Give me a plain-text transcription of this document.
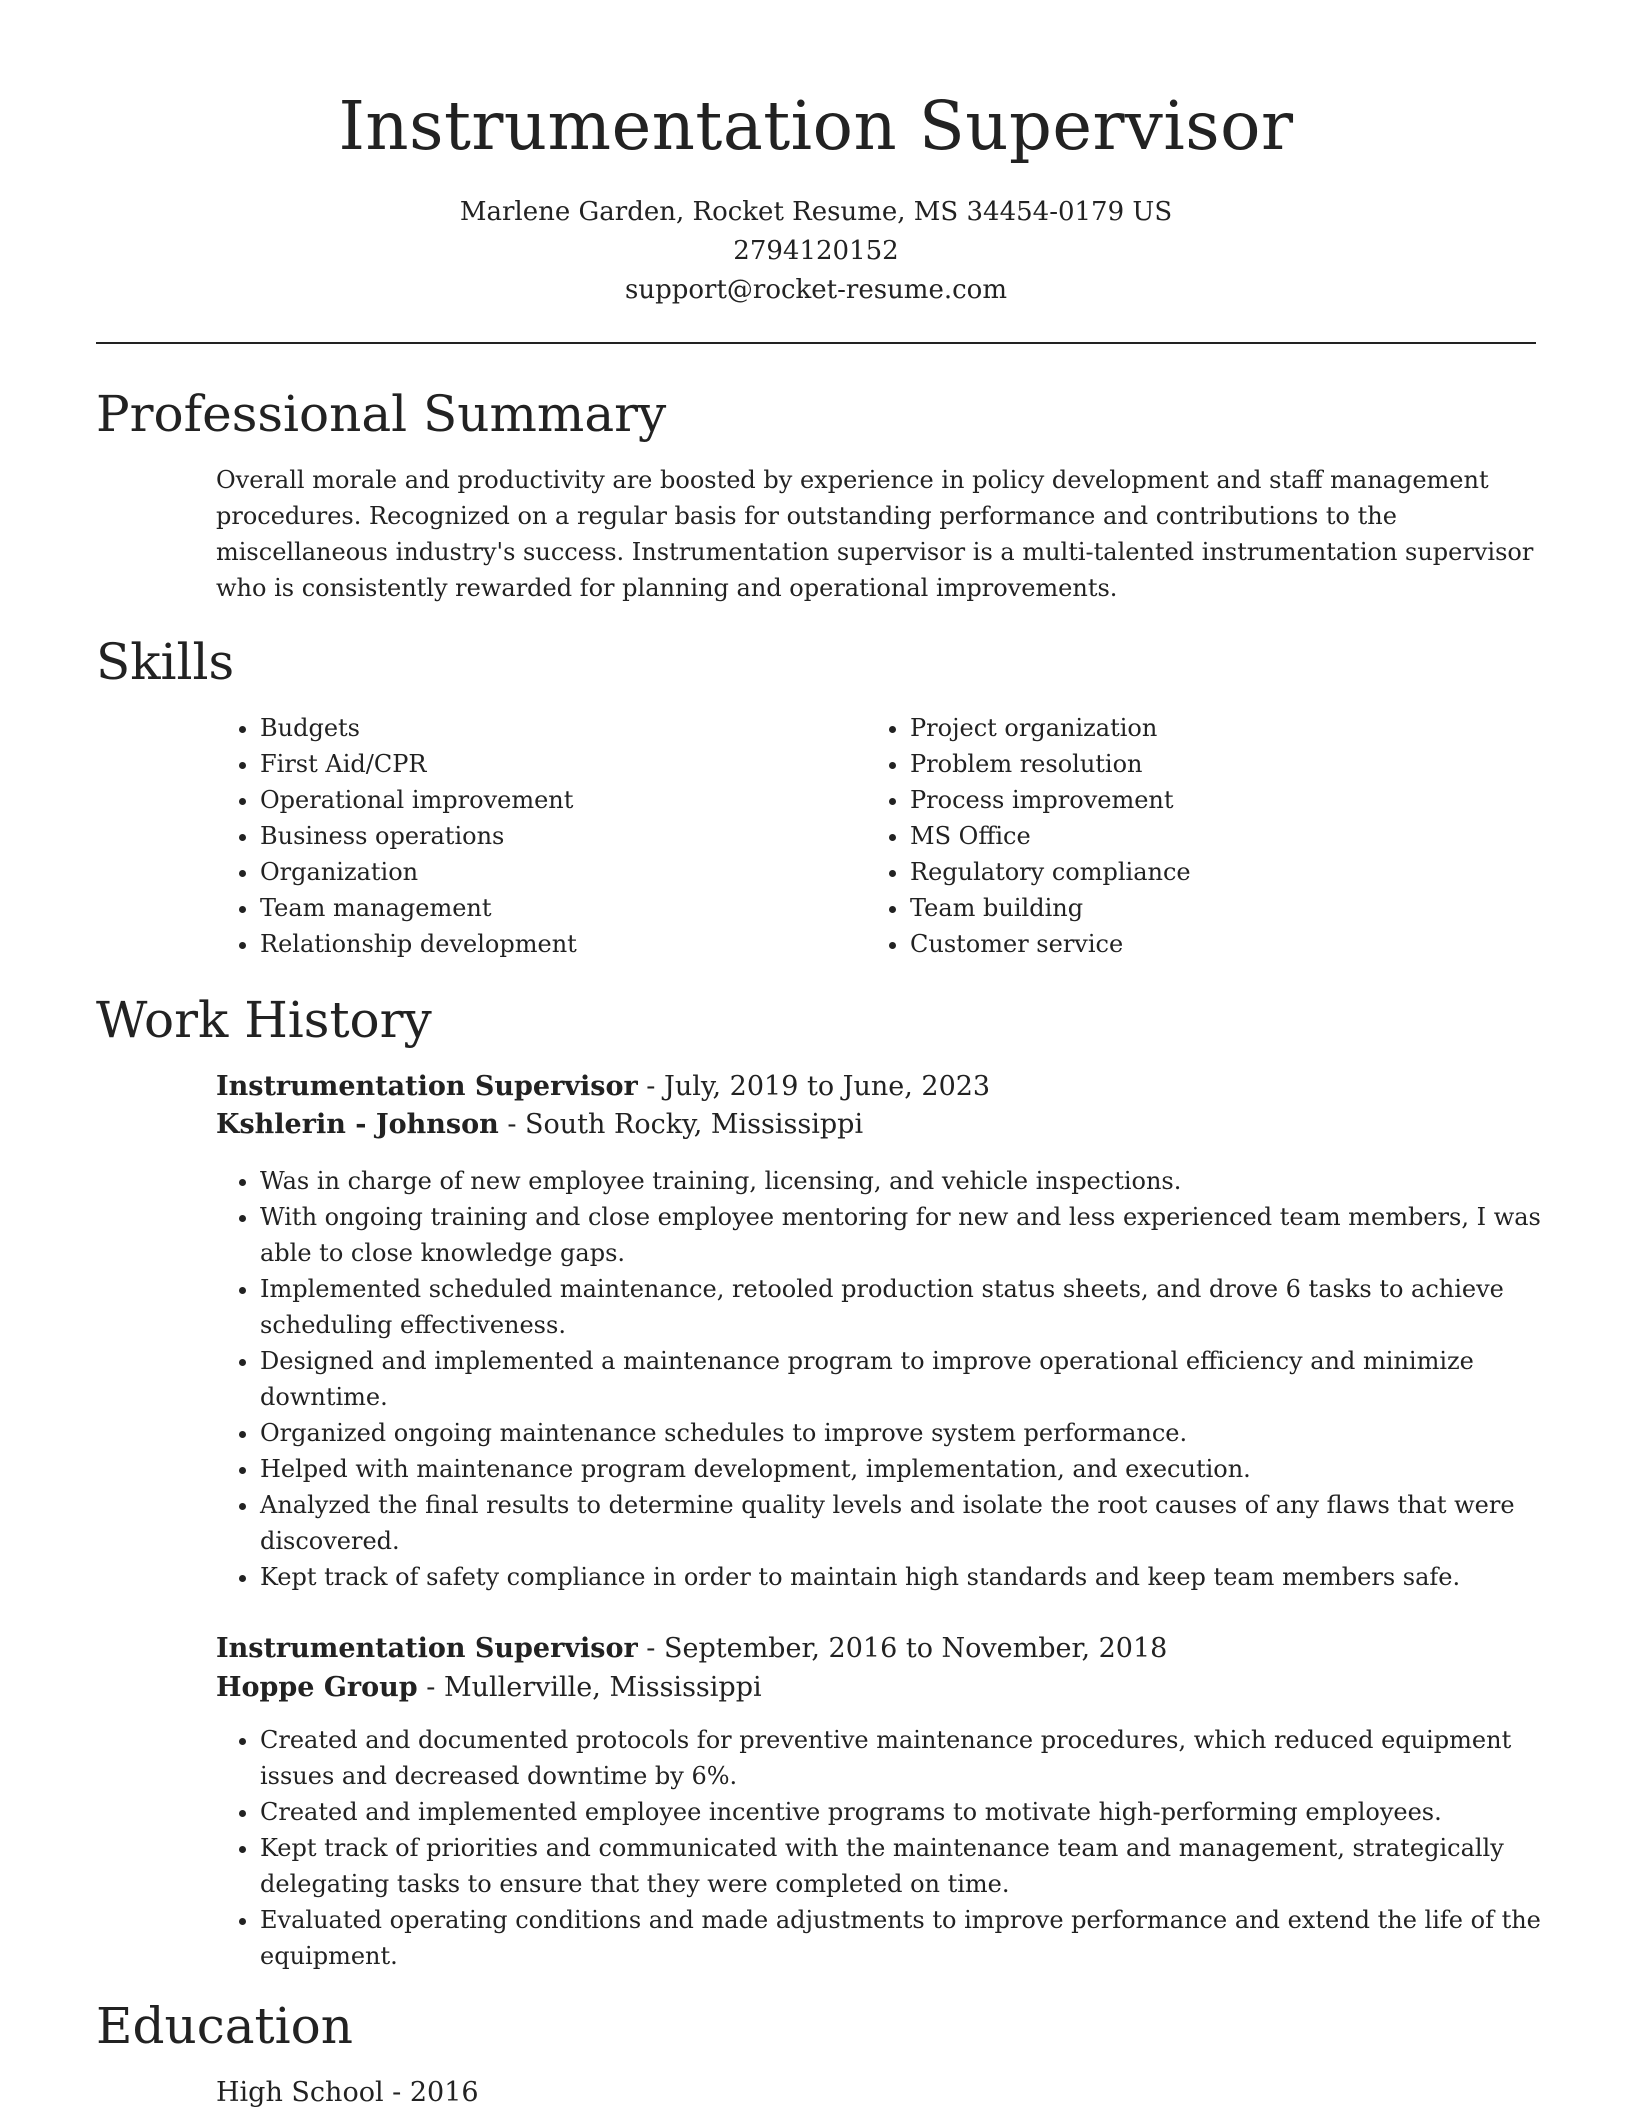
Instrumentation Supervisor
Marlene Garden, Rocket Resume, MS 34454-0179 US
2794120152
support@rocket-resume.com
Professional Summary

Overall morale and productivity are boosted by experience in policy development and staff management procedures. Recognized on a regular basis for outstanding performance and contributions to the miscellaneous industry's success. Instrumentation supervisor is a multi-talented instrumentation supervisor who is consistently rewarded for planning and operational improvements.

Skills
• Budgets
• First Aid/CPR
• Operational improvement
• Business operations
• Organization
• Team management
• Relationship development
• Project organization
• Problem resolution
• Process improvement
• MS Office
• Regulatory compliance
• Team building
• Customer service
Work History
Instrumentation Supervisor - July, 2019 to June, 2023
Kshlerin - Johnson - South Rocky, Mississippi
• Was in charge of new employee training, licensing, and vehicle inspections.
• With ongoing training and close employee mentoring for new and less experienced team members, I was able to close knowledge gaps.
• Implemented scheduled maintenance, retooled production status sheets, and drove 6 tasks to achieve scheduling effectiveness.
• Designed and implemented a maintenance program to improve operational efficiency and minimize downtime.
• Organized ongoing maintenance schedules to improve system performance.
• Helped with maintenance program development, implementation, and execution.
• Analyzed the final results to determine quality levels and isolate the root causes of any flaws that were discovered.
• Kept track of safety compliance in order to maintain high standards and keep team members safe.
Instrumentation Supervisor - September, 2016 to November, 2018
Hoppe Group - Mullerville, Mississippi
• Created and documented protocols for preventive maintenance procedures, which reduced equipment issues and decreased downtime by 6%.
• Created and implemented employee incentive programs to motivate high-performing employees.
• Kept track of priorities and communicated with the maintenance team and management, strategically delegating tasks to ensure that they were completed on time.
• Evaluated operating conditions and made adjustments to improve performance and extend the life of the equipment.
Education
High School - 2016
